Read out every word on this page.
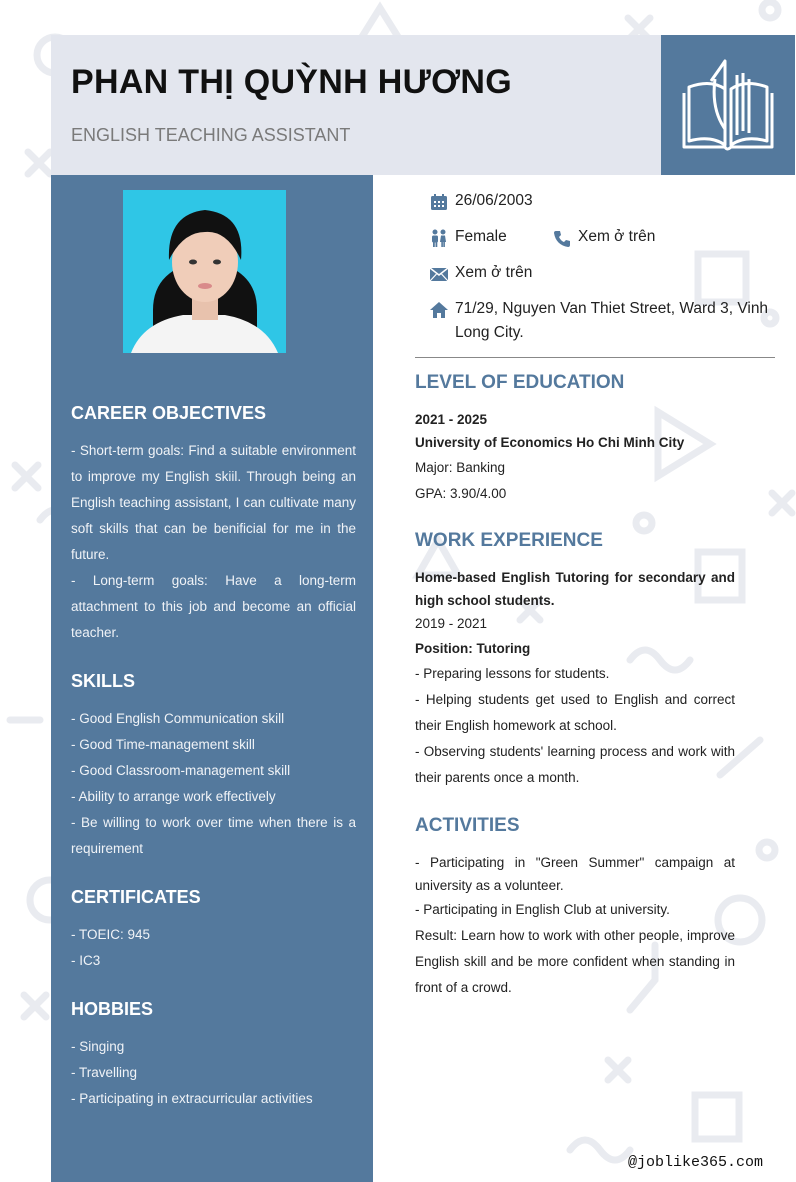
PHAN THỊ QUỲNH HƯƠNG
ENGLISH TEACHING ASSISTANT
CAREER OBJECTIVES

- Short-term goals: Find a suitable environment to improve my English skiil. Through being an English teaching assistant, I can cultivate many soft skills that can be benificial for me in the future.

- Long-term goals: Have a long-term attachment to this job and become an official teacher.

SKILLS

- Good English Communication skill

- Good Time-management skill

- Good Classroom-management skill

- Ability to arrange work effectively

- Be willing to work over time when there is a requirement

CERTIFICATES

- TOEIC: 945

- IC3

HOBBIES

- Singing

- Travelling

- Participating in extracurricular activities

26/06/2003
Female	Xem ở trên
Xem ở trên
71/29, Nguyen Van Thiet Street, Ward 3, Vinh Long City.
LEVEL OF EDUCATION

2021 - 2025

University of Economics Ho Chi Minh City

Major: Banking

GPA: 3.90/4.00

WORK EXPERIENCE

Home-based English Tutoring for secondary and high school students.

2019 - 2021

Position: Tutoring

- Preparing lessons for students.

- Helping students get used to English and correct their English homework at school.

- Observing students' learning process and work with their parents once a month.

ACTIVITIES

- Participating in "Green Summer" campaign at university as a volunteer.

- Participating in English Club at university.

Result: Learn how to work with other people, improve English skill and be more confident when standing in front of a crowd.

@joblike365.com
